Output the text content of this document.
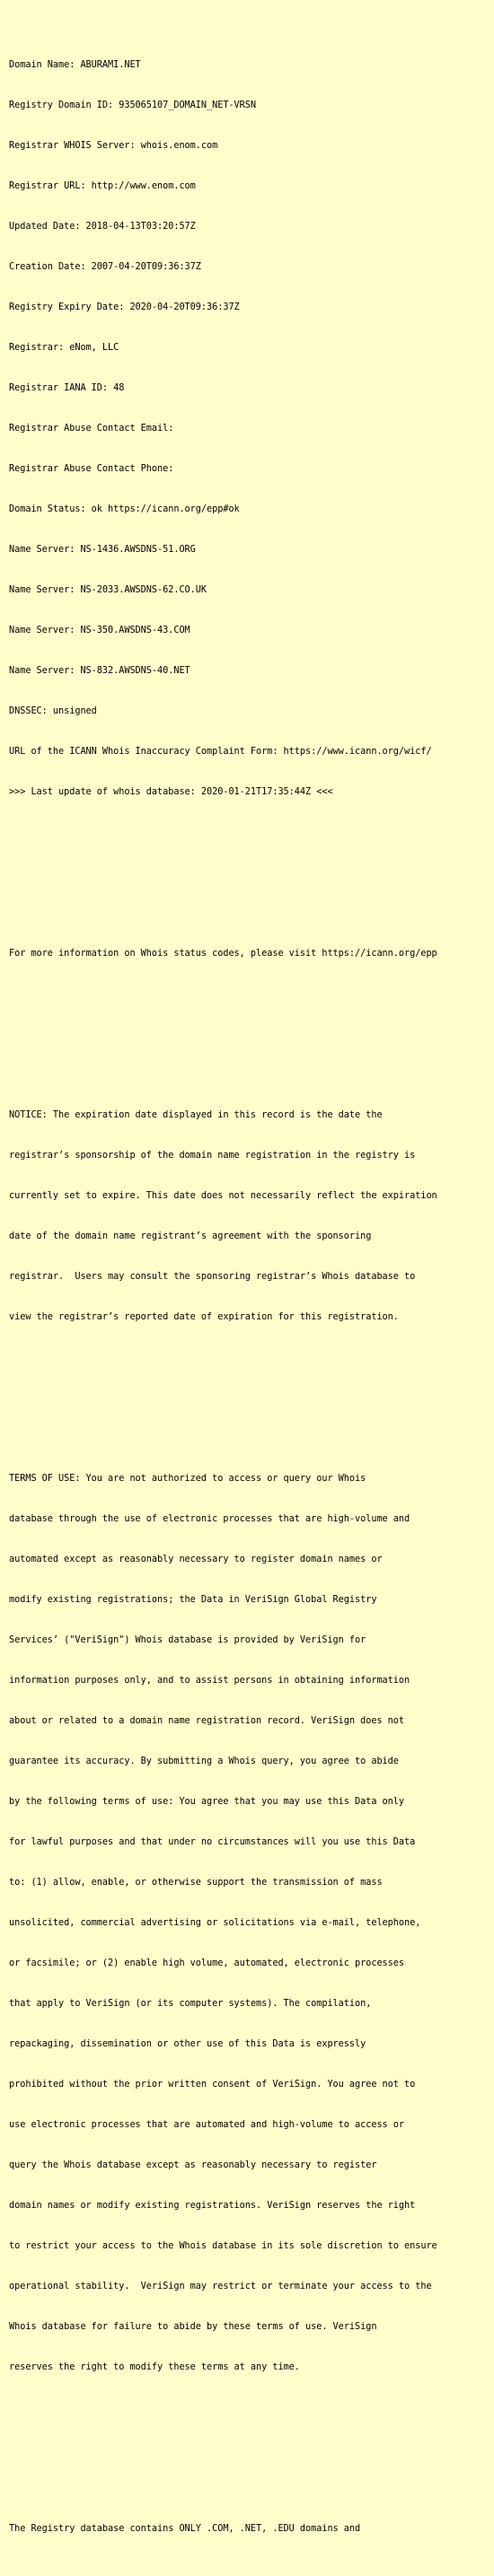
Domain Name: ABURAMI.NET

Registry Domain ID: 935065107_DOMAIN_NET-VRSN

Registrar WHOIS Server: whois.enom.com

Registrar URL: http://www.enom.com

Updated Date: 2018-04-13T03:20:57Z

Creation Date: 2007-04-20T09:36:37Z

Registry Expiry Date: 2020-04-20T09:36:37Z

Registrar: eNom, LLC

Registrar IANA ID: 48

Registrar Abuse Contact Email:

Registrar Abuse Contact Phone:

Domain Status: ok https://icann.org/epp#ok

Name Server: NS-1436.AWSDNS-51.ORG

Name Server: NS-2033.AWSDNS-62.CO.UK

Name Server: NS-350.AWSDNS-43.COM

Name Server: NS-832.AWSDNS-40.NET

DNSSEC: unsigned

URL of the ICANN Whois Inaccuracy Complaint Form: https://www.icann.org/wicf/

>>> Last update of whois database: 2020-01-21T17:35:44Z <<<

For more information on Whois status codes, please visit https://icann.org/epp

NOTICE: The expiration date displayed in this record is the date the

registrar’s sponsorship of the domain name registration in the registry is

currently set to expire. This date does not necessarily reflect the expiration

date of the domain name registrant’s agreement with the sponsoring

registrar.  Users may consult the sponsoring registrar’s Whois database to

view the registrar’s reported date of expiration for this registration.

TERMS OF USE: You are not authorized to access or query our Whois

database through the use of electronic processes that are high-volume and

automated except as reasonably necessary to register domain names or

modify existing registrations; the Data in VeriSign Global Registry

Services’ ("VeriSign") Whois database is provided by VeriSign for

information purposes only, and to assist persons in obtaining information

about or related to a domain name registration record. VeriSign does not

guarantee its accuracy. By submitting a Whois query, you agree to abide

by the following terms of use: You agree that you may use this Data only

for lawful purposes and that under no circumstances will you use this Data

to: (1) allow, enable, or otherwise support the transmission of mass

unsolicited, commercial advertising or solicitations via e-mail, telephone,

or facsimile; or (2) enable high volume, automated, electronic processes

that apply to VeriSign (or its computer systems). The compilation,

repackaging, dissemination or other use of this Data is expressly

prohibited without the prior written consent of VeriSign. You agree not to

use electronic processes that are automated and high-volume to access or

query the Whois database except as reasonably necessary to register

domain names or modify existing registrations. VeriSign reserves the right

to restrict your access to the Whois database in its sole discretion to ensure

operational stability.  VeriSign may restrict or terminate your access to the

Whois database for failure to abide by these terms of use. VeriSign

reserves the right to modify these terms at any time.

The Registry database contains ONLY .COM, .NET, .EDU domains and
